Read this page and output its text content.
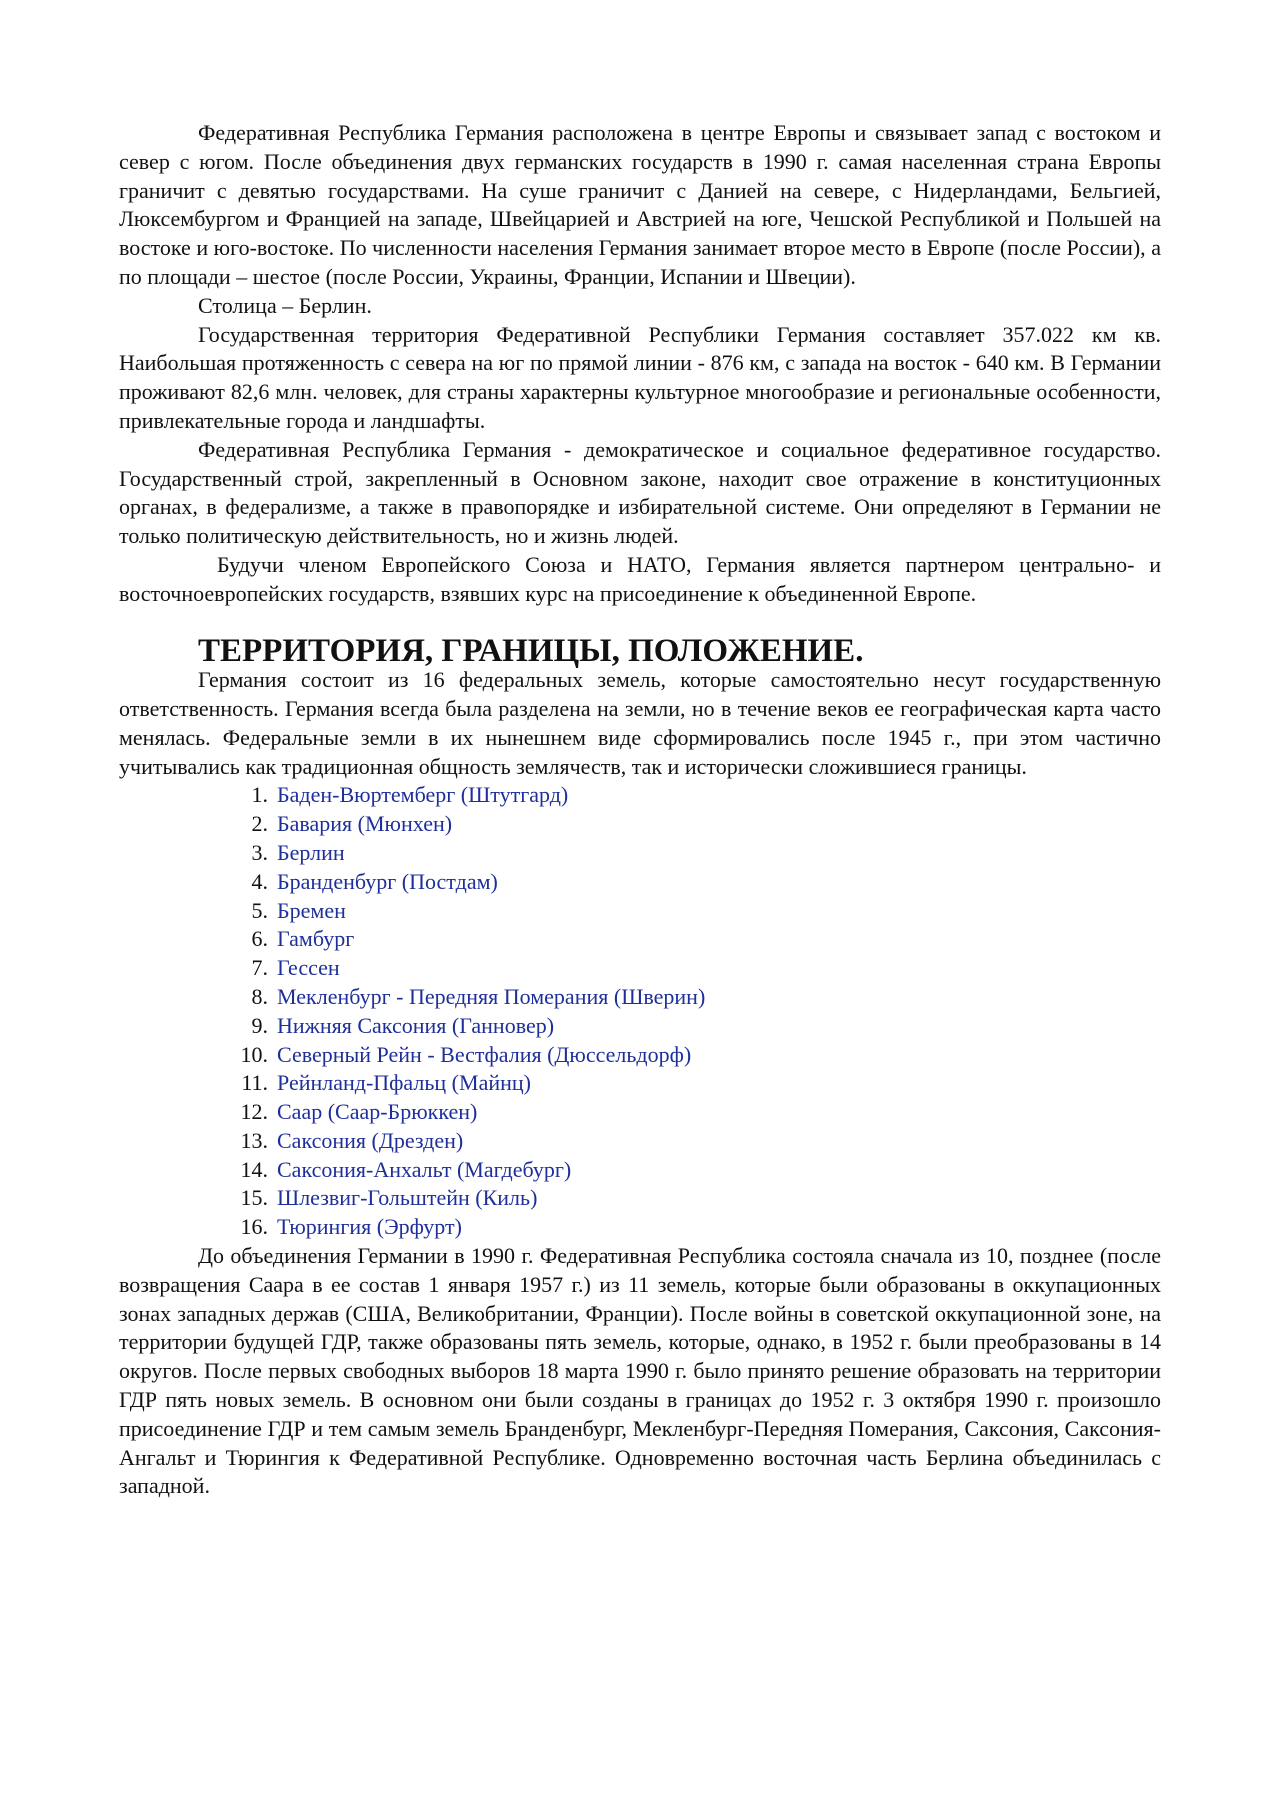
Федеративная Республика Германия расположена в центре Европы и связывает запад с востоком и север с югом. После объединения двух германских государств в 1990 г. самая населенная страна Европы граничит с девятью государствами. На суше граничит с Данией на севере, с Нидерландами, Бельгией, Люксембургом и Францией на западе, Швейцарией и Австрией на юге, Чешской Республикой и Польшей на востоке и юго-востоке. По численности населения Германия занимает второе место в Европе (после России), а по площади – шестое (после России, Украины, Франции, Испании и Швеции).

Столица – Берлин.

Государственная территория Федеративной Республики Германия составляет 357.022 км кв. Наибольшая протяженность с севера на юг по прямой линии - 876 км, с запада на восток - 640 км. В Германии проживают 82,6 млн. человек, для страны характерны культурное многообразие и региональные особенности, привлекательные города и ландшафты.

Федеративная Республика Германия - демократическое и социальное федеративное государство. Государственный строй, закрепленный в Основном законе, находит свое отражение в конституционных органах, в федерализме, а также в правопорядке и избирательной системе. Они определяют в Германии не только политическую действительность, но и жизнь людей.

Будучи членом Европейского Союза и НАТО, Германия является партнером центрально- и восточноевропейских государств, взявших курс на присоединение к объединенной Европе.

ТЕРРИТОРИЯ, ГРАНИЦЫ, ПОЛОЖЕНИЕ.

Германия состоит из 16 федеральных земель, которые самостоятельно несут государственную ответственность. Германия всегда была разделена на земли, но в течение веков ее географическая карта часто менялась. Федеральные земли в их нынешнем виде сформировались после 1945 г., при этом частично учитывались как традиционная общность землячеств, так и исторически сложившиеся границы.

1. Баден-Вюртемберг (Штутгард)
2. Бавария (Мюнхен)
3. Берлин
4. Бранденбург (Постдам)
5. Бремен
6. Гамбург
7. Гессен
8. Мекленбург - Передняя Померания (Шверин)
9. Нижняя Саксония (Ганновер)
10. Северный Рейн - Вестфалия (Дюссельдорф)
11. Рейнланд-Пфальц (Майнц)
12. Саар (Саар-Брюккен)
13. Саксония (Дрезден)
14. Саксония-Анхальт (Магдебург)
15. Шлезвиг-Гольштейн (Киль)
16. Тюрингия (Эрфурт)

До объединения Германии в 1990 г. Федеративная Республика состояла сначала из 10, позднее (после возвращения Саара в ее состав 1 января 1957 г.) из 11 земель, которые были образованы в оккупационных зонах западных держав (США, Великобритании, Франции). После войны в советской оккупационной зоне, на территории будущей ГДР, также образованы пять земель, которые, однако, в 1952 г. были преобразованы в 14 округов. После первых свободных выборов 18 марта 1990 г. было принято решение образовать на территории ГДР пять новых земель. В основном они были созданы в границах до 1952 г. 3 октября 1990 г. произошло присоединение ГДР и тем самым земель Бранденбург, Мекленбург-Передняя Померания, Саксония, Саксония-Ангальт и Тюрингия к Федеративной Республике. Одновременно восточная часть Берлина объединилась с западной.
